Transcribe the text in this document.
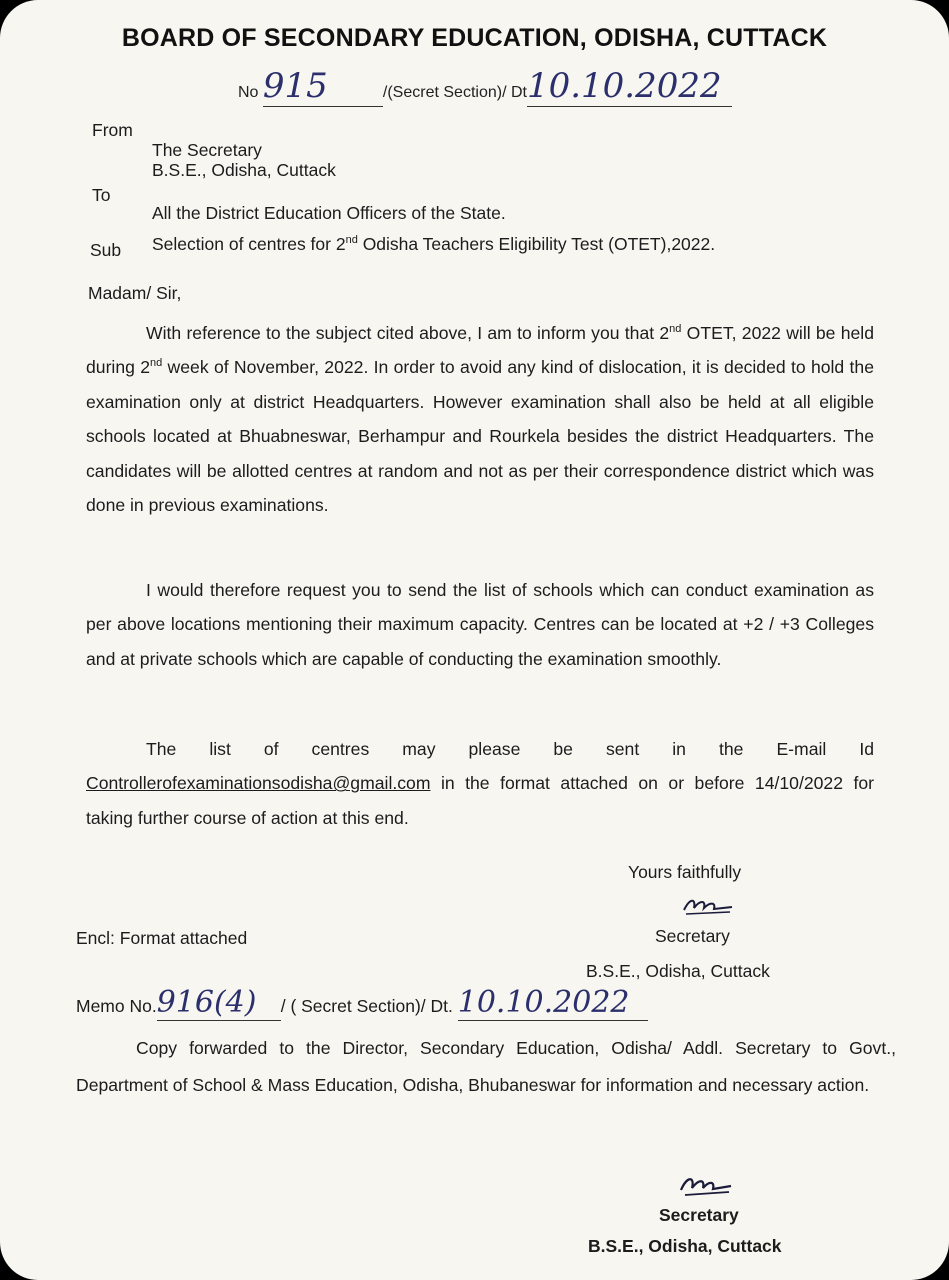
BOARD OF SECONDARY EDUCATION, ODISHA, CUTTACK
No 915	/(Secret Section)/ Dt10.10.2022
From
The Secretary
B.S.E., Odisha, Cuttack
To
All the District Education Officers of the State.
Sub Selection of centres for 2nd Odisha Teachers Eligibility Test (OTET),2022.
Madam/ Sir,
With reference to the subject cited above, I am to inform you that 2nd OTET, 2022 will be held during 2nd week of November, 2022. In order to avoid any kind of dislocation, it is decided to hold the examination only at district Headquarters. However examination shall also be held at all eligible schools located at Bhuabneswar, Berhampur and Rourkela besides the district Headquarters. The candidates will be allotted centres at random and not as per their correspondence district which was done in previous examinations.
I would therefore request you to send the list of schools which can conduct examination as per above locations mentioning their maximum capacity. Centres can be located at +2 / +3 Colleges and at private schools which are capable of conducting the examination smoothly.
The list of centres may please be sent in the E-mail Id Controllerofexaminationsodisha@gmail.com in the format attached on or before 14/10/2022 for taking further course of action at this end.
Yours faithfully
Secretary
B.S.E., Odisha, Cuttack
Encl: Format attached
Memo No.916(4) / ( Secret Section)/ Dt. 10.10.2022
Copy forwarded to the Director, Secondary Education, Odisha/ Addl. Secretary to Govt., Department of School & Mass Education, Odisha, Bhubaneswar for information and necessary action.
Secretary
B.S.E., Odisha, Cuttack
